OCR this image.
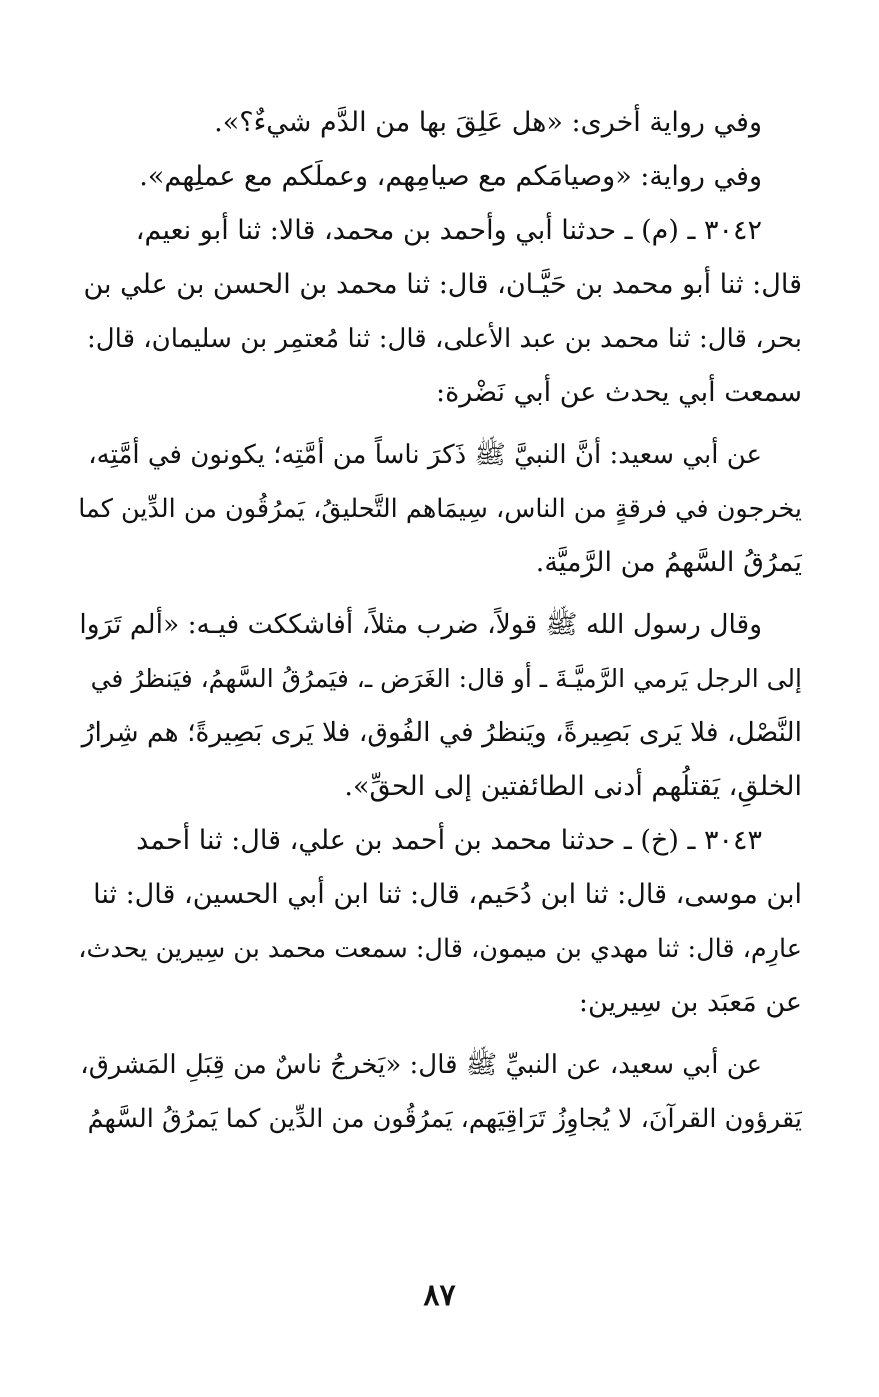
وفي رواية أخرى: «هل عَلِقَ بها من الدَّم شيءٌ؟».
وفي رواية: «وصيامَكم مع صيامِهم، وعملَكم مع عملِهم».
٣٠٤٢ ـ (م) ـ حدثنا أبي وأحمد بن محمد، قالا: ثنا أبو نعيم،
قال: ثنا أبو محمد بن حَيَّـان، قال: ثنا محمد بن الحسن بن علي بن
بحر، قال: ثنا محمد بن عبد الأعلى، قال: ثنا مُعتمِر بن سليمان، قال:
سمعت أبي يحدث عن أبي نَضْرة:
عن أبي سعيد: أنَّ النبيَّ ﷺ ذَكرَ ناساً من أمَّتِه؛ يكونون في أمَّتِه،
يخرجون في فرقةٍ من الناس، سِيمَاهم التَّحليقُ، يَمرُقُون من الدِّين كما
يَمرُقُ السَّهمُ من الرَّميَّة.
وقال رسول الله ﷺ قولاً، ضرب مثلاً، أفاشككت فيـه: «ألم تَرَوا
إلى الرجل يَرمي الرَّميَّـةَ ـ أو قال: الغَرَض ـ، فيَمرُقُ السَّهمُ، فيَنظرُ في
النَّصْل، فلا يَرى بَصِيرةً، ويَنظرُ في الفُوق، فلا يَرى بَصِيرةً؛ هم شِرارُ
الخلقِ، يَقتلُهم أدنى الطائفتين إلى الحقِّ».
٣٠٤٣ ـ (خ) ـ حدثنا محمد بن أحمد بن علي، قال: ثنا أحمد
ابن موسى، قال: ثنا ابن دُحَيم، قال: ثنا ابن أبي الحسين، قال: ثنا
عارِم، قال: ثنا مهدي بن ميمون، قال: سمعت محمد بن سِيرين يحدث،
عن مَعبَد بن سِيرين:
عن أبي سعيد، عن النبيِّ ﷺ قال: «يَخرجُ ناسٌ من قِبَلِ المَشرق،
يَقرؤون القرآنَ، لا يُجاوِزُ تَرَاقِيَهم، يَمرُقُون من الدِّين كما يَمرُقُ السَّهمُ
٨٧
